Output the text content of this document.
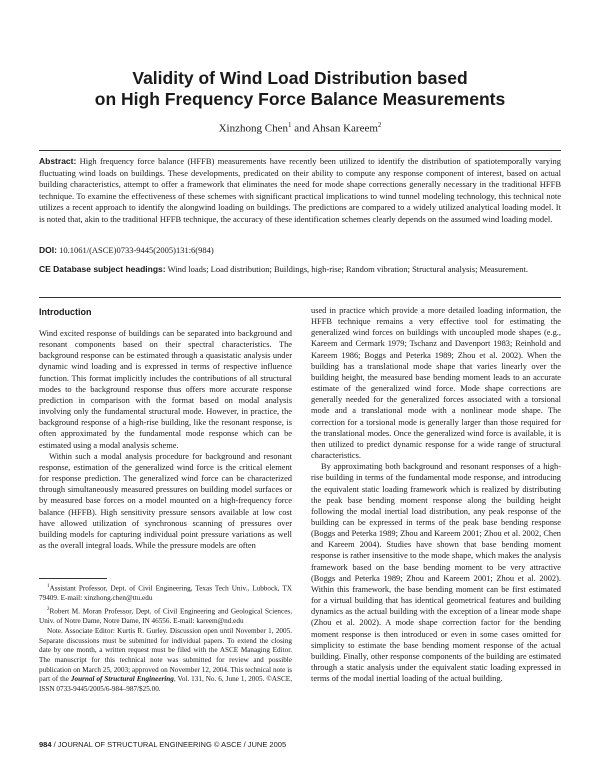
Validity of Wind Load Distribution based
on High Frequency Force Balance Measurements
Xinzhong Chen$^1$ and Ahsan Kareem$^2$
Abstract: High frequency force balance (HFFB) measurements have recently been utilized to identify the distribution of spatiotemporally varying fluctuating wind loads on buildings. These developments, predicated on their ability to compute any response component of interest, based on actual building characteristics, attempt to offer a framework that eliminates the need for mode shape corrections generally necessary in the traditional HFFB technique. To examine the effectiveness of these schemes with significant practical implications to wind tunnel modeling technology, this technical note utilizes a recent approach to identify the alongwind loading on buildings. The predictions are compared to a widely utilized analytical loading model. It is noted that, akin to the traditional HFFB technique, the accuracy of these identification schemes clearly depends on the assumed wind loading model.
DOI: 10.1061/(ASCE)0733-9445(2005)131:6(984)
CE Database subject headings: Wind loads; Load distribution; Buildings, high-rise; Random vibration; Structural analysis; Measurement.
Introduction

Wind excited response of buildings can be separated into background and resonant components based on their spectral characteristics. The background response can be estimated through a quasistatic analysis under dynamic wind loading and is expressed in terms of respective influence function. This format implicitly includes the contributions of all structural modes to the background response thus offers more accurate response prediction in comparison with the format based on modal analysis involving only the fundamental structural mode. However, in practice, the background response of a high-rise building, like the resonant response, is often approximated by the fundamental mode response which can be estimated using a modal analysis scheme.

Within such a modal analysis procedure for background and resonant response, estimation of the generalized wind force is the critical element for response prediction. The generalized wind force can be characterized through simultaneously measured pressures on building model surfaces or by measured base forces on a model mounted on a high-frequency force balance (HFFB). High sensitivity pressure sensors available at low cost have allowed utilization of synchronous scanning of pressures over building models for capturing individual point pressure variations as well as the overall integral loads. While the pressure models are often

$^1$Assistant Professor, Dept. of Civil Engineering, Texas Tech Univ., Lubbock, TX 79409. E-mail: xinzhong.chen@ttu.edu

$^2$Robert M. Moran Professor, Dept. of Civil Engineering and Geological Sciences, Univ. of Notre Dame, Notre Dame, IN 46556. E-mail: kareem@nd.edu

Note. Associate Editor: Kurtis R. Gurley. Discussion open until November 1, 2005. Separate discussions must be submitted for individual papers. To extend the closing date by one month, a written request must be filed with the ASCE Managing Editor. The manuscript for this technical note was submitted for review and possible publication on March 25, 2003; approved on November 12, 2004. This technical note is part of the Journal of Structural Engineering, Vol. 131, No. 6, June 1, 2005. ©ASCE, ISSN 0733-9445/2005/6-984–987/$25.00.

used in practice which provide a more detailed loading information, the HFFB technique remains a very effective tool for estimating the generalized wind forces on buildings with uncoupled mode shapes (e.g., Kareem and Cermark 1979; Tschanz and Davenport 1983; Reinhold and Kareem 1986; Boggs and Peterka 1989; Zhou et al. 2002). When the building has a translational mode shape that varies linearly over the building height, the measured base bending moment leads to an accurate estimate of the generalized wind force. Mode shape corrections are generally needed for the generalized forces associated with a torsional mode and a translational mode with a nonlinear mode shape. The correction for a torsional mode is generally larger than those required for the translational modes. Once the generalized wind force is available, it is then utilized to predict dynamic response for a wide range of structural characteristics.

By approximating both background and resonant responses of a high-rise building in terms of the fundamental mode response, and introducing the equivalent static loading framework which is realized by distributing the peak base bending moment response along the building height following the modal inertial load distribution, any peak response of the building can be expressed in terms of the peak base bending response (Boggs and Peterka 1989; Zhou and Kareem 2001; Zhou et al. 2002, Chen and Kareem 2004). Studies have shown that base bending moment response is rather insensitive to the mode shape, which makes the analysis framework based on the base bending moment to be very attractive (Boggs and Peterka 1989; Zhou and Kareem 2001; Zhou et al. 2002). Within this framework, the base bending moment can be first estimated for a virtual building that has identical geometrical features and building dynamics as the actual building with the exception of a linear mode shape (Zhou et al. 2002). A mode shape correction factor for the bending moment response is then introduced or even in some cases omitted for simplicity to estimate the base bending moment response of the actual building. Finally, other response components of the building are estimated through a static analysis under the equivalent static loading expressed in terms of the modal inertial loading of the actual building.

984 / JOURNAL OF STRUCTURAL ENGINEERING © ASCE / JUNE 2005
